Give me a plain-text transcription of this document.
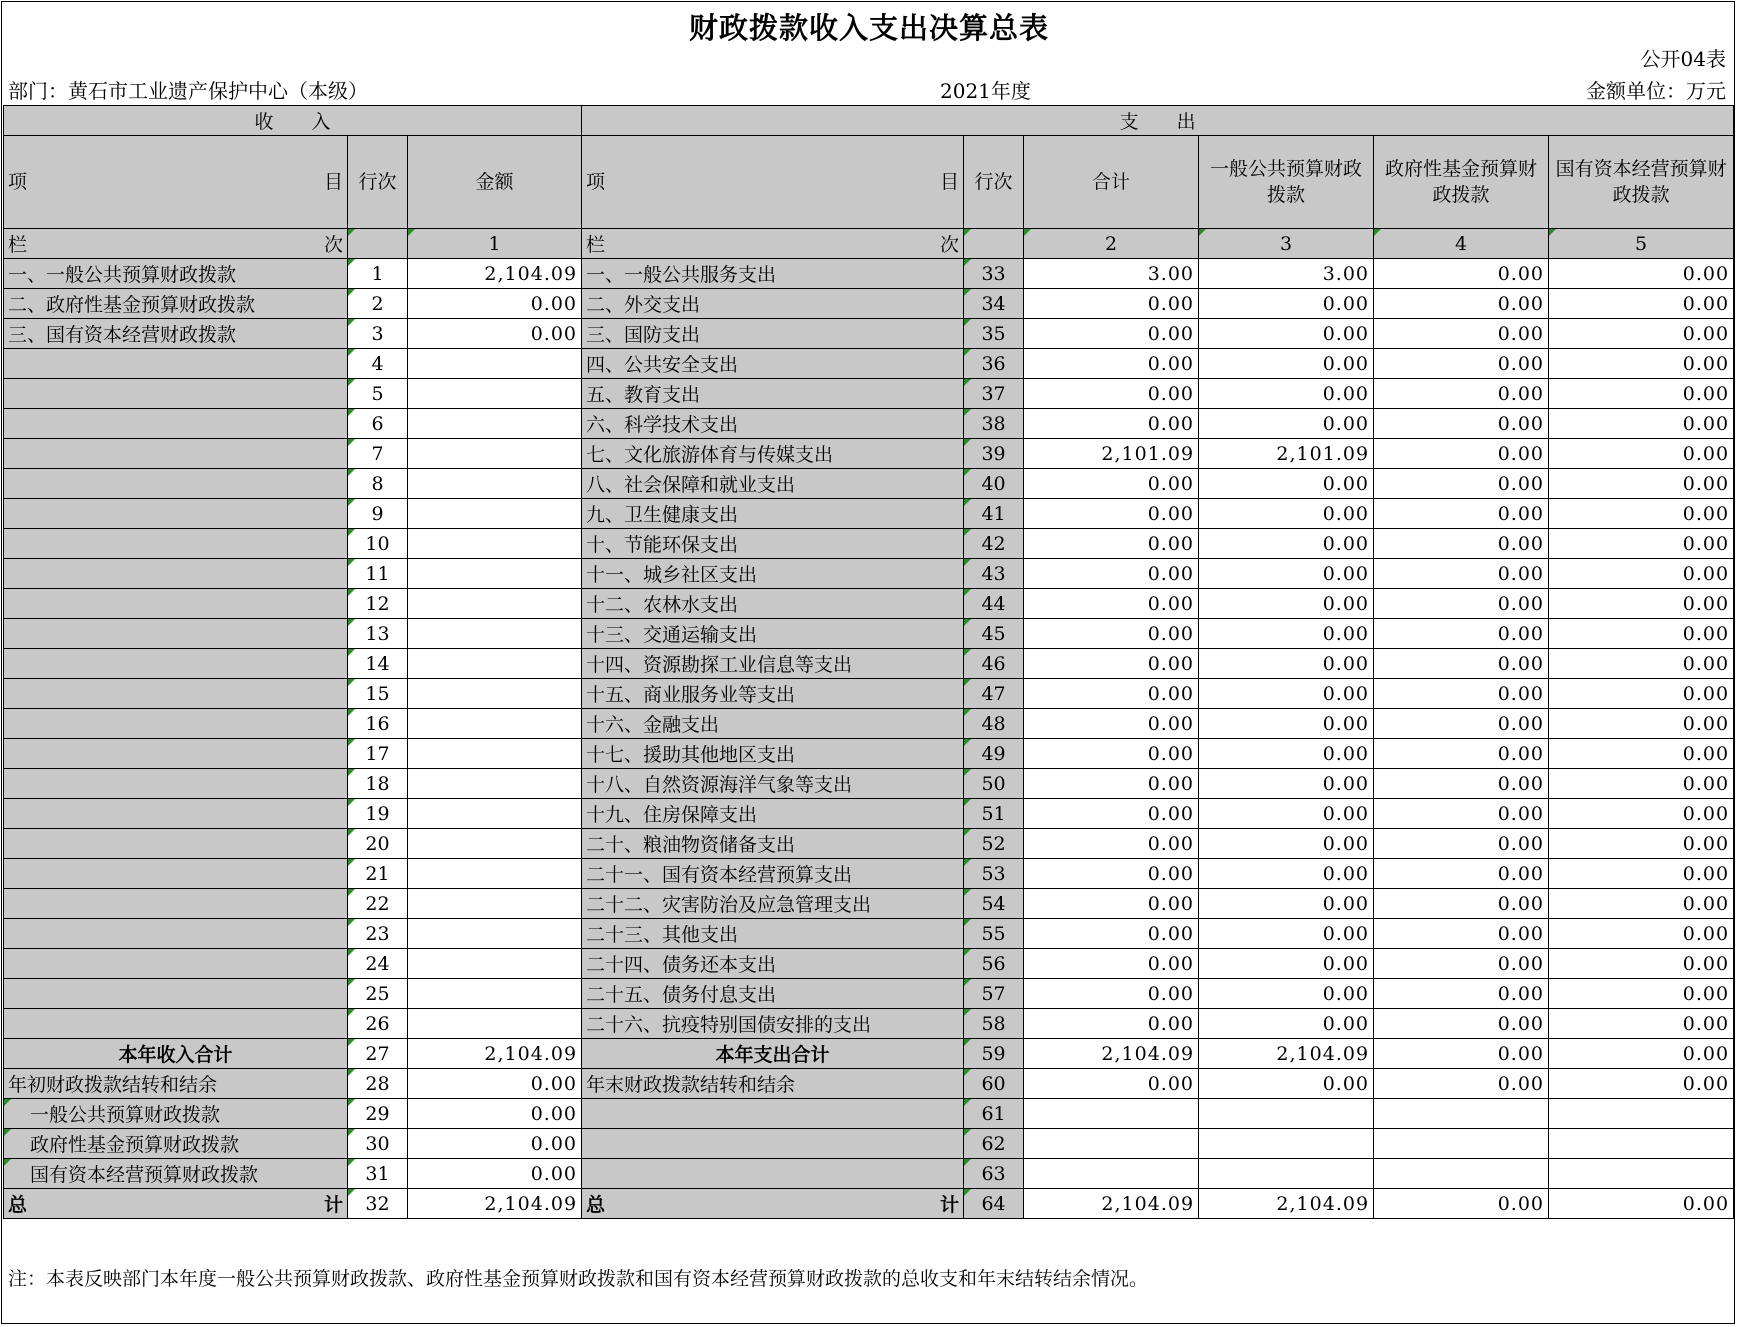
财政拨款收入支出决算总表
公开04表
部门：黄石市工业遗产保护中心（本级）	2021年度	金额单位：万元
收　　入			支　　出					

项 目	行次	金额	项 目	行次	合计	一般公共预算财政拨款	政府性基金预算财政拨款	国有资本经营预算财政拨款

栏 次		1	栏 次		2	3	4	5
一、一般公共预算财政拨款	1	2,104.09	一、一般公共服务支出	33	3.00	3.00	0.00	0.00
二、政府性基金预算财政拨款	2	0.00	二、外交支出	34	0.00	0.00	0.00	0.00
三、国有资本经营财政拨款	3	0.00	三、国防支出	35	0.00	0.00	0.00	0.00
	4		四、公共安全支出	36	0.00	0.00	0.00	0.00
	5		五、教育支出	37	0.00	0.00	0.00	0.00
	6		六、科学技术支出	38	0.00	0.00	0.00	0.00
	7		七、文化旅游体育与传媒支出	39	2,101.09	2,101.09	0.00	0.00
	8		八、社会保障和就业支出	40	0.00	0.00	0.00	0.00
	9		九、卫生健康支出	41	0.00	0.00	0.00	0.00
	10		十、节能环保支出	42	0.00	0.00	0.00	0.00
	11		十一、城乡社区支出	43	0.00	0.00	0.00	0.00
	12		十二、农林水支出	44	0.00	0.00	0.00	0.00
	13		十三、交通运输支出	45	0.00	0.00	0.00	0.00
	14		十四、资源勘探工业信息等支出	46	0.00	0.00	0.00	0.00
	15		十五、商业服务业等支出	47	0.00	0.00	0.00	0.00
	16		十六、金融支出	48	0.00	0.00	0.00	0.00
	17		十七、援助其他地区支出	49	0.00	0.00	0.00	0.00
	18		十八、自然资源海洋气象等支出	50	0.00	0.00	0.00	0.00
	19		十九、住房保障支出	51	0.00	0.00	0.00	0.00
	20		二十、粮油物资储备支出	52	0.00	0.00	0.00	0.00
	21		二十一、国有资本经营预算支出	53	0.00	0.00	0.00	0.00
	22		二十二、灾害防治及应急管理支出	54	0.00	0.00	0.00	0.00
	23		二十三、其他支出	55	0.00	0.00	0.00	0.00
	24		二十四、债务还本支出	56	0.00	0.00	0.00	0.00
	25		二十五、债务付息支出	57	0.00	0.00	0.00	0.00
	26		二十六、抗疫特别国债安排的支出	58	0.00	0.00	0.00	0.00
本年收入合计	27	2,104.09	本年支出合计	59	2,104.09	2,104.09	0.00	0.00
年初财政拨款结转和结余	28	0.00	年末财政拨款结转和结余	60	0.00	0.00	0.00	0.00
一般公共预算财政拨款	29	0.00		61				
政府性基金预算财政拨款	30	0.00		62				
国有资本经营预算财政拨款	31	0.00		63				

总 计	32	2,104.09	总 计	64	2,104.09	2,104.09	0.00	0.00
注：本表反映部门本年度一般公共预算财政拨款、政府性基金预算财政拨款和国有资本经营预算财政拨款的总收支和年末结转结余情况。
